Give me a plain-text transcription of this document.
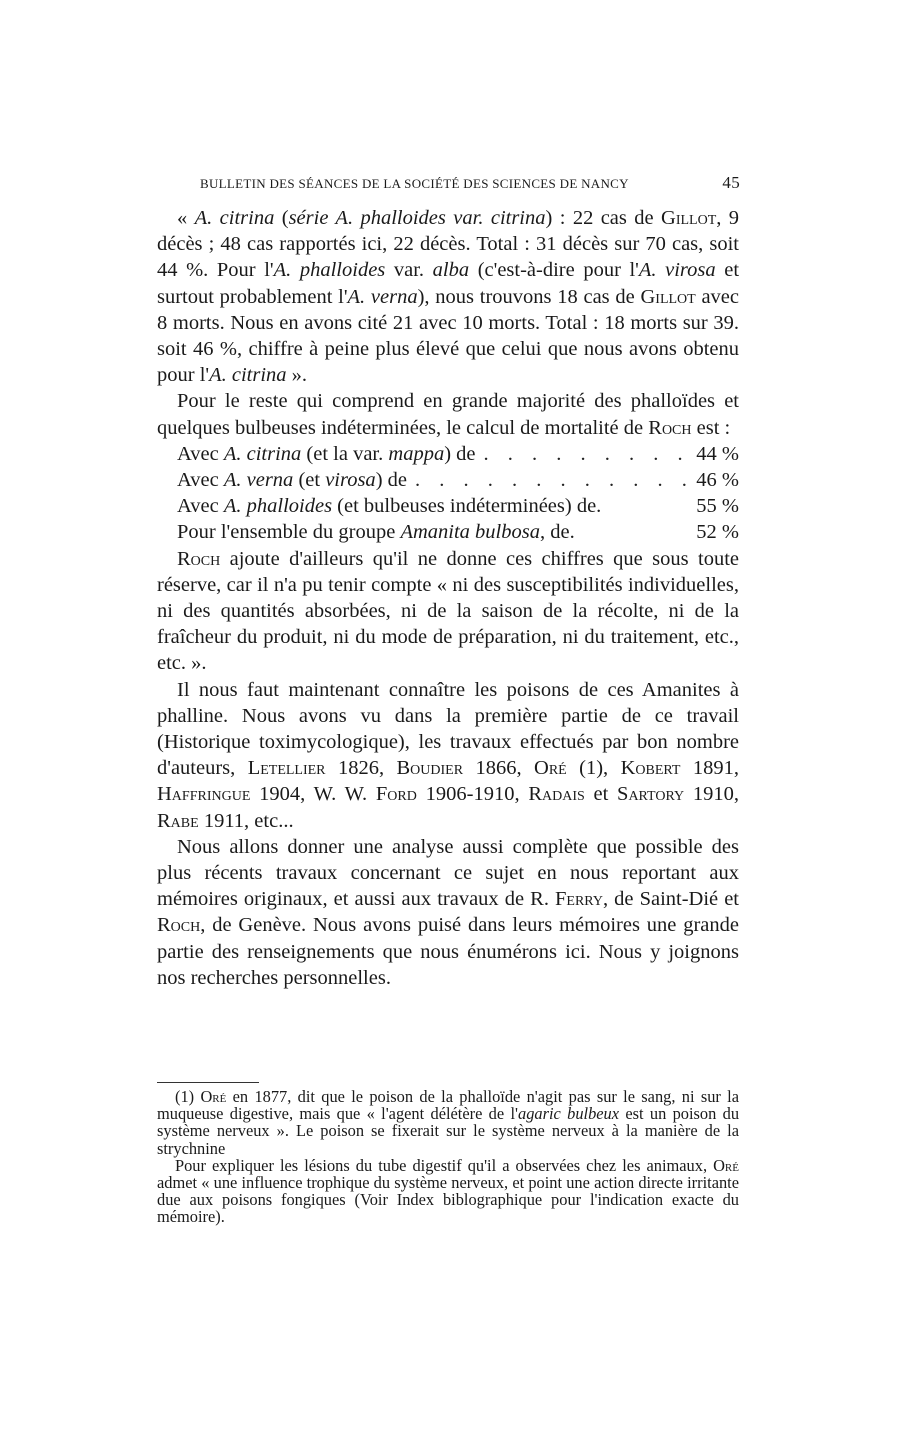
BULLETIN DES SÉANCES DE LA SOCIÉTÉ DES SCIENCES DE NANCY	45

« A. citrina (série A. phalloides var. citrina) : 22 cas de Gillot, 9 décès ; 48 cas rapportés ici, 22 décès. Total : 31 décès sur 70 cas, soit 44 %. Pour l'A. phalloides var. alba (c'est-à-dire pour l'A. virosa et surtout probablement l'A. verna), nous trouvons 18 cas de Gillot avec 8 morts. Nous en avons cité 21 avec 10 morts. Total : 18 morts sur 39. soit 46 %, chiffre à peine plus élevé que celui que nous avons obtenu pour l'A. citrina ».

Pour le reste qui comprend en grande majorité des phalloïdes et quelques bulbeuses indéterminées, le calcul de mortalité de Roch est :

Avec A. citrina (et la var. mappa) de . . .	44 %
Avec A. verna (et virosa) de . . .	46 %
Avec A. phalloides (et bulbeuses indéterminées) de.	55 %
Pour l'ensemble du groupe Amanita bulbosa, de.	52 %

Roch ajoute d'ailleurs qu'il ne donne ces chiffres que sous toute réserve, car il n'a pu tenir compte « ni des susceptibilités individuelles, ni des quantités absorbées, ni de la saison de la récolte, ni de la fraîcheur du produit, ni du mode de préparation, ni du traitement, etc., etc. ».

Il nous faut maintenant connaître les poisons de ces Amanites à phalline. Nous avons vu dans la première partie de ce travail (Historique toximycologique), les travaux effectués par bon nombre d'auteurs, Letellier 1826, Boudier 1866, Oré (1), Kobert 1891, Haffringue 1904, W. W. Ford 1906-1910, Radais et Sartory 1910, Rabe 1911, etc...

Nous allons donner une analyse aussi complète que possible des plus récents travaux concernant ce sujet en nous reportant aux mémoires originaux, et aussi aux travaux de R. Ferry, de Saint-Dié et Roch, de Genève. Nous avons puisé dans leurs mémoires une grande partie des renseignements que nous énumérons ici. Nous y joignons nos recherches personnelles.

(1) Oré en 1877, dit que le poison de la phalloïde n'agit pas sur le sang, ni sur la muqueuse digestive, mais que « l'agent délétère de l'agaric bulbeux est un poison du système nerveux ». Le poison se fixerait sur le système nerveux à la manière de la strychnine

Pour expliquer les lésions du tube digestif qu'il a observées chez les animaux, Oré admet « une influence trophique du système nerveux, et point une action directe irritante due aux poisons fongiques (Voir Index biblographique pour l'indication exacte du mémoire).
